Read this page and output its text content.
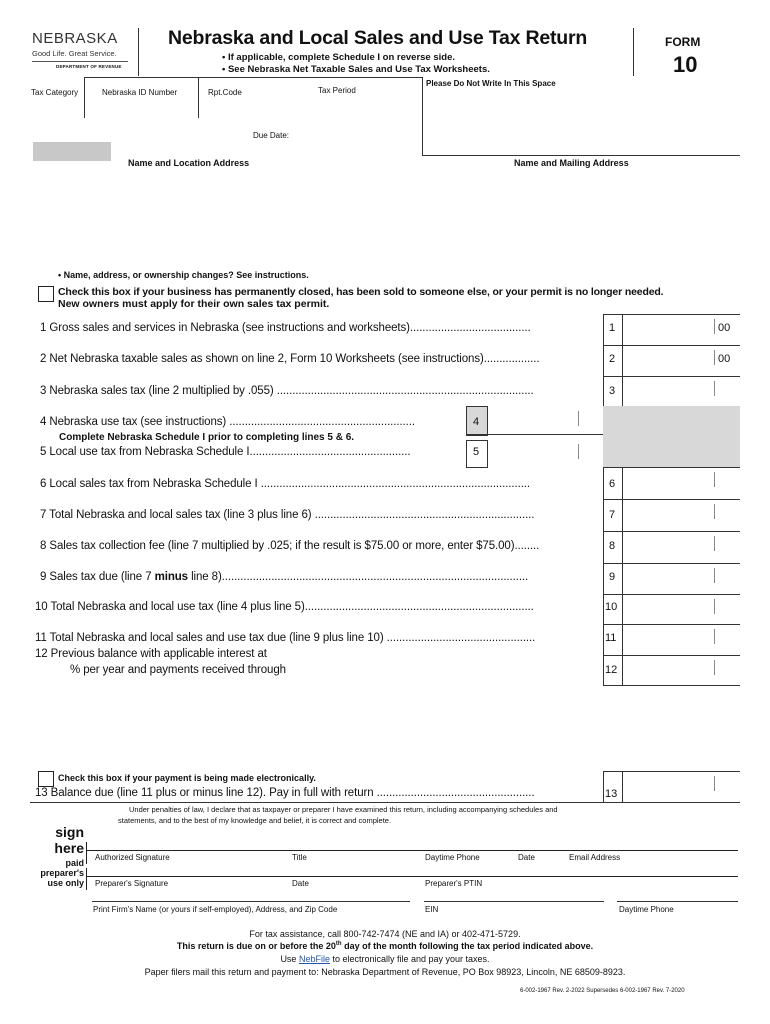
NEBRASKA
Good Life. Great Service.
DEPARTMENT OF REVENUE
Nebraska and Local Sales and Use Tax Return
• If applicable, complete Schedule I on reverse side.
• See Nebraska Net Taxable Sales and Use Tax Worksheets.
FORM
10
Tax Category	Nebraska ID Number	Rpt.Code	Tax Period
Please Do Not Write In This Space
Due Date:
Name and Location Address	Name and Mailing Address
• Name, address, or ownership changes? See instructions.
Check this box if your business has permanently closed, has been sold to someone else, or your permit is no longer needed.
New owners must apply for their own sales tax permit.
1 Gross sales and services in Nebraska (see instructions and worksheets).......................................	1	00
2 Net Nebraska taxable sales as shown on line 2, Form 10 Worksheets (see instructions)..................	2	00
3 Nebraska sales tax (line 2 multiplied by .055) ...................................................................................	3
4 Nebraska use tax (see instructions) ............................................................	4
Complete Nebraska Schedule I prior to completing lines 5 & 6.
5 Local use tax from Nebraska Schedule I....................................................	5
6 Local sales tax from Nebraska Schedule I .......................................................................................	6
7 Total Nebraska and local sales tax (line 3 plus line 6) .......................................................................	7
8 Sales tax collection fee (line 7 multiplied by .025; if the result is $75.00 or more, enter $75.00)........	8
9 Sales tax due (line 7 minus line 8)...................................................................................................	9
10 Total Nebraska and local use tax (line 4 plus line 5)..........................................................................	10
11 Total Nebraska and local sales and use tax due (line 9 plus line 10) ................................................	11
12 Previous balance with applicable interest at
% per year and payments received through	12
Check this box if your payment is being made electronically.
13 Balance due (line 11 plus or minus line 12). Pay in full with return ...................................................	13
Under penalties of law, I declare that as taxpayer or preparer I have examined this return, including accompanying schedules and
statements, and to the best of my knowledge and belief, it is correct and complete.
sign
here
paid
preparer's
use only
Authorized Signature	Title	Daytime Phone	Date	Email Address
Preparer's Signature	Date	Preparer's PTIN
Print Firm's Name (or yours if self-employed), Address, and Zip Code	EIN	Daytime Phone
For tax assistance, call 800-742-7474 (NE and IA) or 402-471-5729.
This return is due on or before the 20th day of the month following the tax period indicated above.
Use NebFile to electronically file and pay your taxes.
Paper filers mail this return and payment to: Nebraska Department of Revenue, PO Box 98923, Lincoln, NE 68509-8923.
6-002-1967 Rev. 2-2022 Supersedes 6-002-1967 Rev. 7-2020
